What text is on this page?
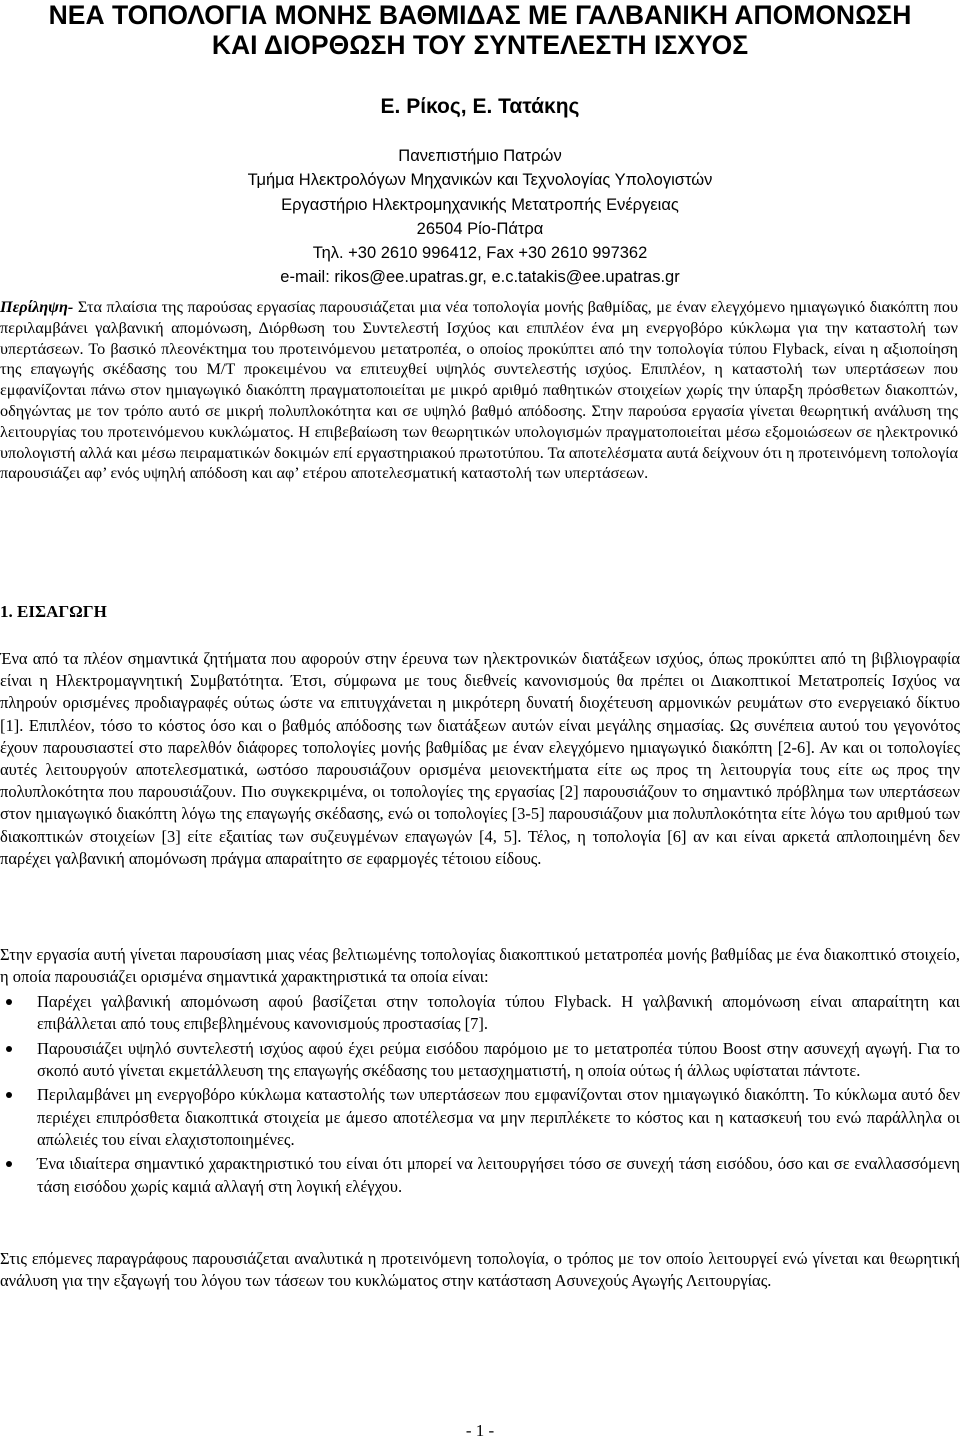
ΝΕΑ ΤΟΠΟΛΟΓΙΑ ΜΟΝΗΣ ΒΑΘΜΙΔΑΣ ΜΕ ΓΑΛΒΑΝΙΚΗ ΑΠΟΜΟΝΩΣΗ
ΚΑΙ ΔΙΟΡΘΩΣΗ ΤΟΥ ΣΥΝΤΕΛΕΣΤΗ ΙΣΧΥΟΣ
Ε. Ρίκος, Ε. Τατάκης
Πανεπιστήμιο Πατρών
Τμήμα Ηλεκτρολόγων Μηχανικών και Τεχνολογίας Υπολογιστών
Εργαστήριο Ηλεκτρομηχανικής Μετατροπής Ενέργειας
26504 Ρίο-Πάτρα
Τηλ. +30 2610 996412, Fax +30 2610 997362
e-mail: rikos@ee.upatras.gr, e.c.tatakis@ee.upatras.gr

Περίληψη- Στα πλαίσια της παρούσας εργασίας παρουσιάζεται μια νέα τοπολογία μονής βαθμίδας, με έναν ελεγχόμενο ημιαγωγικό διακόπτη που περιλαμβάνει γαλβανική απομόνωση, Διόρθωση του Συντελεστή Ισχύος και επιπλέον ένα μη ενεργοβόρο κύκλωμα για την καταστολή των υπερτάσεων. Το βασικό πλεονέκτημα του προτεινόμενου μετατροπέα, ο οποίος προκύπτει από την τοπολογία τύπου Flyback, είναι η αξιοποίηση της επαγωγής σκέδασης του Μ/Τ προκειμένου να επιτευχθεί υψηλός συντελεστής ισχύος. Επιπλέον, η καταστολή των υπερτάσεων που εμφανίζονται πάνω στον ημιαγωγικό διακόπτη πραγματοποιείται με μικρό αριθμό παθητικών στοιχείων χωρίς την ύπαρξη πρόσθετων διακοπτών, οδηγώντας με τον τρόπο αυτό σε μικρή πολυπλοκότητα και σε υψηλό βαθμό απόδοσης. Στην παρούσα εργασία γίνεται θεωρητική ανάλυση της λειτουργίας του προτεινόμενου κυκλώματος. Η επιβεβαίωση των θεωρητικών υπολογισμών πραγματοποιείται μέσω εξομοιώσεων σε ηλεκτρονικό υπολογιστή αλλά και μέσω πειραματικών δοκιμών επί εργαστηριακού πρωτοτύπου. Τα αποτελέσματα αυτά δείχνουν ότι η προτεινόμενη τοπολογία παρουσιάζει αφ’ ενός υψηλή απόδοση και αφ’ ετέρου αποτελεσματική καταστολή των υπερτάσεων.

1. ΕΙΣΑΓΩΓΗ

Ένα από τα πλέον σημαντικά ζητήματα που αφορούν στην έρευνα των ηλεκτρονικών διατάξεων ισχύος, όπως προκύπτει από τη βιβλιογραφία είναι η Ηλεκτρομαγνητική Συμβατότητα. Έτσι, σύμφωνα με τους διεθνείς κανονισμούς θα πρέπει οι Διακοπτικοί Μετατροπείς Ισχύος να πληρούν ορισμένες προδιαγραφές ούτως ώστε να επιτυγχάνεται η μικρότερη δυνατή διοχέτευση αρμονικών ρευμάτων στο ενεργειακό δίκτυο [1]. Επιπλέον, τόσο το κόστος όσο και ο βαθμός απόδοσης των διατάξεων αυτών είναι μεγάλης σημασίας. Ως συνέπεια αυτού του γεγονότος έχουν παρουσιαστεί στο παρελθόν διάφορες τοπολογίες μονής βαθμίδας με έναν ελεγχόμενο ημιαγωγικό διακόπτη [2-6]. Αν και οι τοπολογίες αυτές λειτουργούν αποτελεσματικά, ωστόσο παρουσιάζουν ορισμένα μειονεκτήματα είτε ως προς τη λειτουργία τους είτε ως προς την πολυπλοκότητα που παρουσιάζουν. Πιο συγκεκριμένα, οι τοπολογίες της εργασίας [2] παρουσιάζουν το σημαντικό πρόβλημα των υπερτάσεων στον ημιαγωγικό διακόπτη λόγω της επαγωγής σκέδασης, ενώ οι τοπολογίες [3-5] παρουσιάζουν μια πολυπλοκότητα είτε λόγω του αριθμού των διακοπτικών στοιχείων [3] είτε εξαιτίας των συζευγμένων επαγωγών [4, 5]. Τέλος, η τοπολογία [6] αν και είναι αρκετά απλοποιημένη δεν παρέχει γαλβανική απομόνωση πράγμα απαραίτητο σε εφαρμογές τέτοιου είδους.

Στην εργασία αυτή γίνεται παρουσίαση μιας νέας βελτιωμένης τοπολογίας διακοπτικού μετατροπέα μονής βαθμίδας με ένα διακοπτικό στοιχείο, η οποία παρουσιάζει ορισμένα σημαντικά χαρακτηριστικά τα οποία είναι:

Παρέχει γαλβανική απομόνωση αφού βασίζεται στην τοπολογία τύπου Flyback. Η γαλβανική απομόνωση είναι απαραίτητη και επιβάλλεται από τους επιβεβλημένους κανονισμούς προστασίας [7].
Παρουσιάζει υψηλό συντελεστή ισχύος αφού έχει ρεύμα εισόδου παρόμοιο με το μετατροπέα τύπου Boost στην ασυνεχή αγωγή. Για το σκοπό αυτό γίνεται εκμετάλλευση της επαγωγής σκέδασης του μετασχηματιστή, η οποία ούτως ή άλλως υφίσταται πάντοτε.
Περιλαμβάνει μη ενεργοβόρο κύκλωμα καταστολής των υπερτάσεων που εμφανίζονται στον ημιαγωγικό διακόπτη. Το κύκλωμα αυτό δεν περιέχει επιπρόσθετα διακοπτικά στοιχεία με άμεσο αποτέλεσμα να μην περιπλέκετε το κόστος και η κατασκευή του ενώ παράλληλα οι απώλειές του είναι ελαχιστοποιημένες.
Ένα ιδιαίτερα σημαντικό χαρακτηριστικό του είναι ότι μπορεί να λειτουργήσει τόσο σε συνεχή τάση εισόδου, όσο και σε εναλλασσόμενη τάση εισόδου χωρίς καμιά αλλαγή στη λογική ελέγχου.

Στις επόμενες παραγράφους παρουσιάζεται αναλυτικά η προτεινόμενη τοπολογία, ο τρόπος με τον οποίο λειτουργεί ενώ γίνεται και θεωρητική ανάλυση για την εξαγωγή του λόγου των τάσεων του κυκλώματος στην κατάσταση Ασυνεχούς Αγωγής Λειτουργίας.

- 1 -
